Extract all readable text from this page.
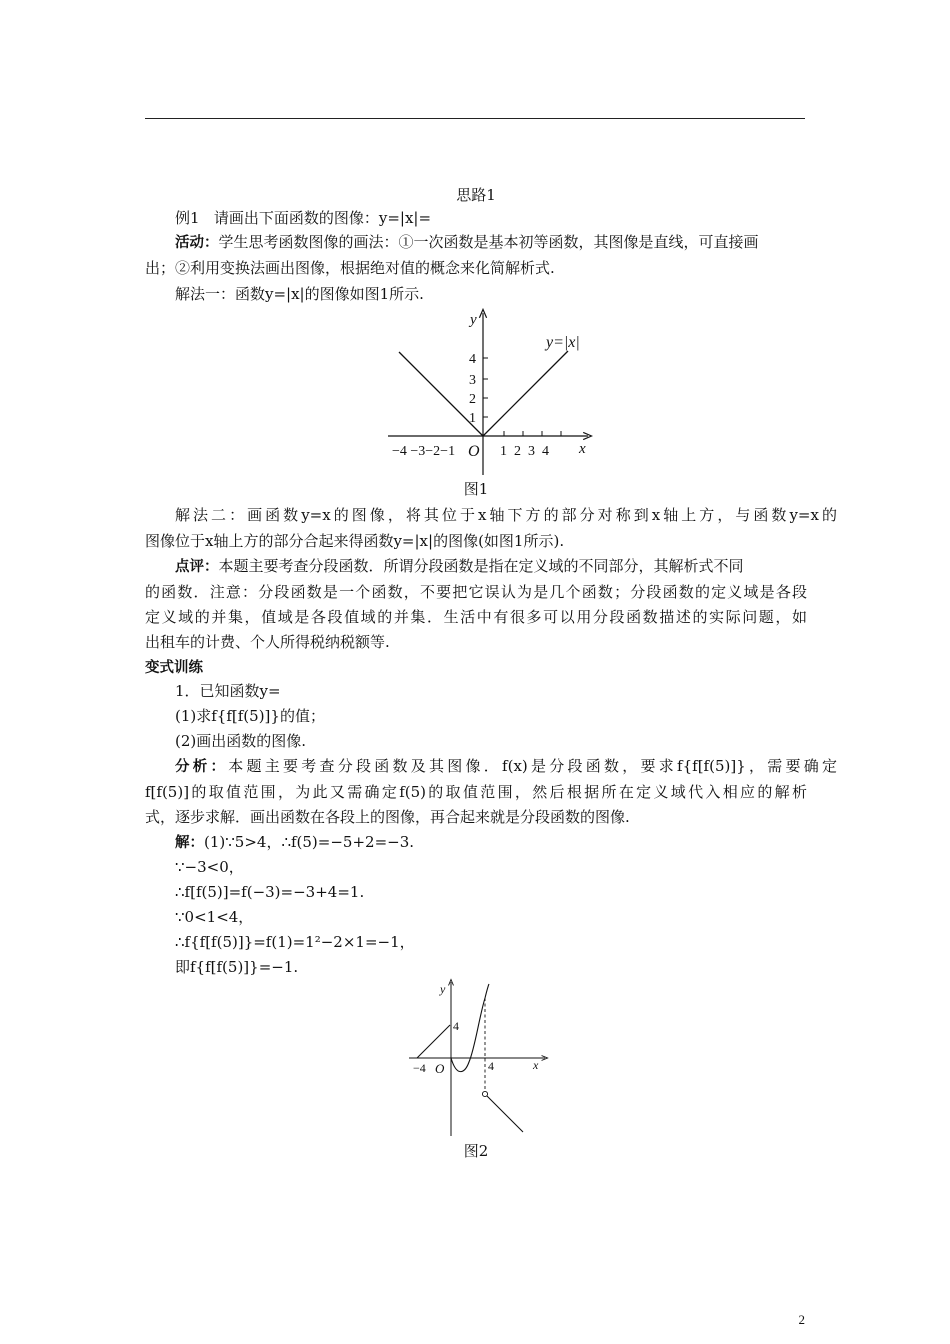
思路1
例1 请画出下面函数的图像：y=|x|=
活动：学生思考函数图像的画法：①一次函数是基本初等函数，其图像是直线，可直接画
出；②利用变换法画出图像，根据绝对值的概念来化简解析式.
解法一：函数y=|x|的图像如图1所示.
y
y=|x|
1
2
3
4
−4 −3−2−1 O 1  2  3  4 x
图1
解法二：画函数y=x的图像，将其位于x轴下方的部分对称到x轴上方，与函数y=x的
图像位于x轴上方的部分合起来得函数y=|x|的图像(如图1所示).
点评：本题主要考查分段函数．所谓分段函数是指在定义域的不同部分，其解析式不同
的函数．注意：分段函数是一个函数，不要把它误认为是几个函数；分段函数的定义域是各段
定义域的并集，值域是各段值域的并集．生活中有很多可以用分段函数描述的实际问题，如
出租车的计费、个人所得税纳税额等.
变式训练
1．已知函数y=
(1)求f{f[f(5)]}的值；
(2)画出函数的图像.
分析：本题主要考查分段函数及其图像．f(x)是分段函数，要求f{f[f(5)]}，需要确定
f[f(5)]的取值范围，为此又需确定f(5)的取值范围，然后根据所在定义域代入相应的解析
式，逐步求解．画出函数在各段上的图像，再合起来就是分段函数的图像.
解：(1)∵5>4，∴f(5)=−5+2=−3.
∵−3<0，
∴f[f(5)]=f(−3)=−3+4=1.
∵0<1<4，
∴f{f[f(5)]}=f(1)=1²−2×1=−1，
即f{f[f(5)]}=−1.
y
4
4
−4 O	x
图2
2
